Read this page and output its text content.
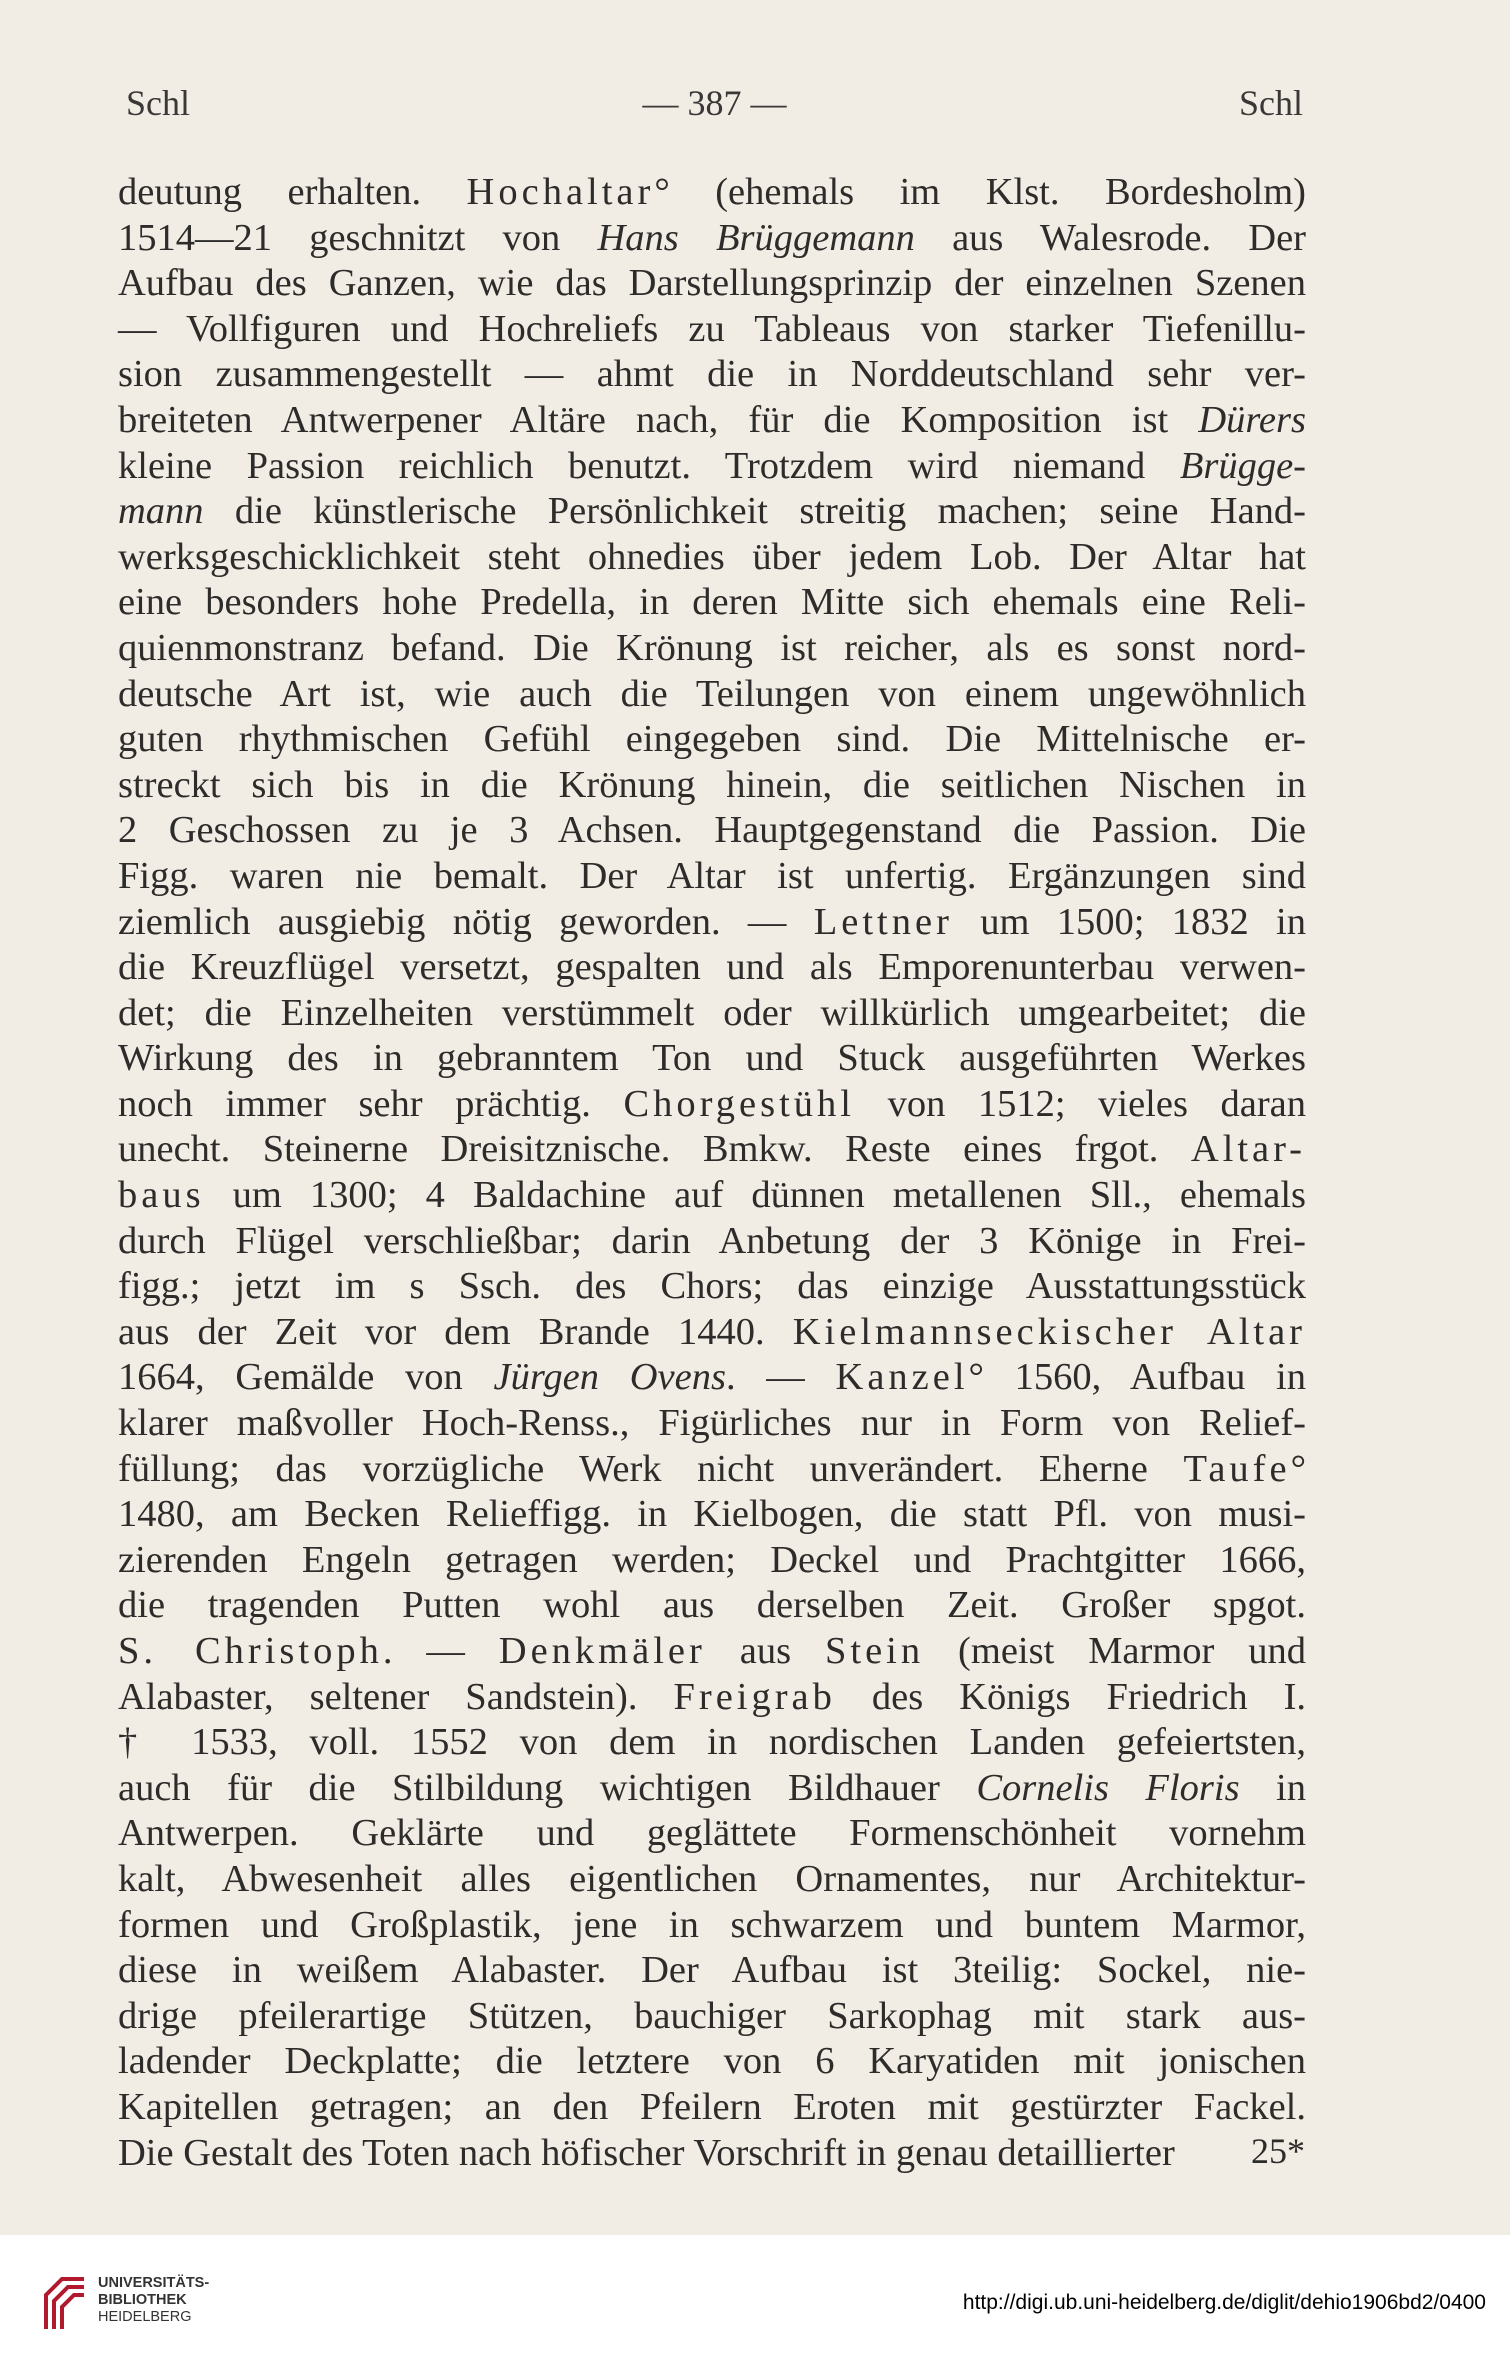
Schl	— 387 —	Schl
deutung erhalten. Hochaltar° (ehemals im Klst. Bordesholm)
1514—21 geschnitzt von Hans Brüggemann aus Walesrode. Der
Aufbau des Ganzen, wie das Darstellungsprinzip der einzelnen Szenen
— Vollfiguren und Hochreliefs zu Tableaus von starker Tiefenillu-
sion zusammengestellt — ahmt die in Norddeutschland sehr ver-
breiteten Antwerpener Altäre nach, für die Komposition ist Dürers
kleine Passion reichlich benutzt. Trotzdem wird niemand Brügge-
mann die künstlerische Persönlichkeit streitig machen; seine Hand-
werksgeschicklichkeit steht ohnedies über jedem Lob. Der Altar hat
eine besonders hohe Predella, in deren Mitte sich ehemals eine Reli-
quienmonstranz befand. Die Krönung ist reicher, als es sonst nord-
deutsche Art ist, wie auch die Teilungen von einem ungewöhnlich
guten rhythmischen Gefühl eingegeben sind. Die Mittelnische er-
streckt sich bis in die Krönung hinein, die seitlichen Nischen in
2 Geschossen zu je 3 Achsen. Hauptgegenstand die Passion. Die
Figg. waren nie bemalt. Der Altar ist unfertig. Ergänzungen sind
ziemlich ausgiebig nötig geworden. — Lettner um 1500; 1832 in
die Kreuzflügel versetzt, gespalten und als Emporenunterbau verwen-
det; die Einzelheiten verstümmelt oder willkürlich umgearbeitet; die
Wirkung des in gebranntem Ton und Stuck ausgeführten Werkes
noch immer sehr prächtig. Chorgestühl von 1512; vieles daran
unecht. Steinerne Dreisitznische. Bmkw. Reste eines frgot. Altar-
baus um 1300; 4 Baldachine auf dünnen metallenen Sll., ehemals
durch Flügel verschließbar; darin Anbetung der 3 Könige in Frei-
figg.; jetzt im s Ssch. des Chors; das einzige Ausstattungsstück
aus der Zeit vor dem Brande 1440. Kielmannseckischer Altar
1664, Gemälde von Jürgen Ovens. — Kanzel° 1560, Aufbau in
klarer maßvoller Hoch-Renss., Figürliches nur in Form von Relief-
füllung; das vorzügliche Werk nicht unverändert. Eherne Taufe°
1480, am Becken Relieffigg. in Kielbogen, die statt Pfl. von musi-
zierenden Engeln getragen werden; Deckel und Prachtgitter 1666,
die tragenden Putten wohl aus derselben Zeit. Großer spgot.
S. Christoph. — Denkmäler aus Stein (meist Marmor und
Alabaster, seltener Sandstein). Freigrab des Königs Friedrich I.
† 1533, voll. 1552 von dem in nordischen Landen gefeiertsten,
auch für die Stilbildung wichtigen Bildhauer Cornelis Floris in
Antwerpen. Geklärte und geglättete Formenschönheit vornehm
kalt, Abwesenheit alles eigentlichen Ornamentes, nur Architektur-
formen und Großplastik, jene in schwarzem und buntem Marmor,
diese in weißem Alabaster. Der Aufbau ist 3teilig: Sockel, nie-
drige pfeilerartige Stützen, bauchiger Sarkophag mit stark aus-
ladender Deckplatte; die letztere von 6 Karyatiden mit jonischen
Kapitellen getragen; an den Pfeilern Eroten mit gestürzter Fackel.
Die Gestalt des Toten nach höfischer Vorschrift in genau detaillierter	25*
UNIVERSITÄTS-
BIBLIOTHEK
HEIDELBERG
http://digi.ub.uni-heidelberg.de/diglit/dehio1906bd2/0400
